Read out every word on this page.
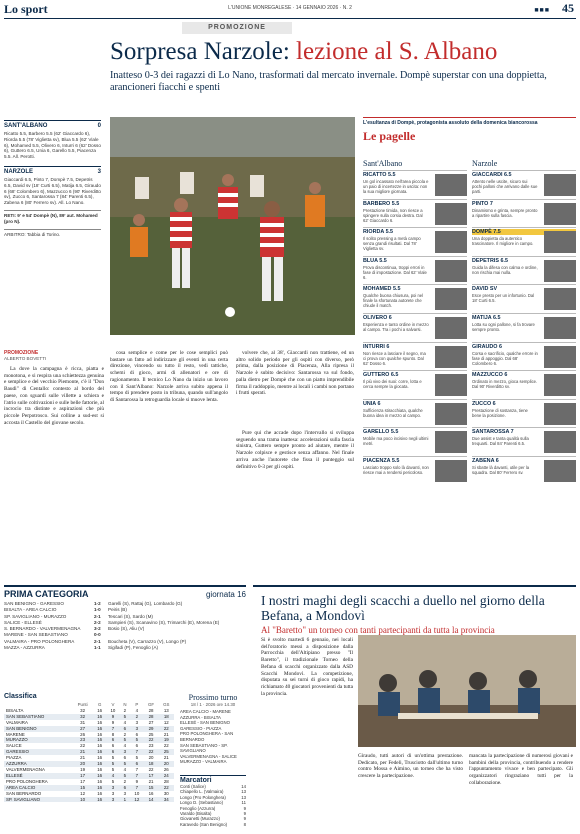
Lo sport	L'UNIONE MONREGALESE · 14 GENNAIO 2026 · N. 2	■■■ 45
PROMOZIONE
Sorpresa Narzole: lezione al S. Albano
Inatteso 0-3 dei ragazzi di Lo Nano, trasformati dal mercato invernale. Dompè superstar con una doppietta, arancioneri fiacchi e spenti
SANT'ALBANO	0
Ricatto 5.5, Barbero 5.5 (62' Giaccardo 6), Riorda 5.5 (78' Viglietta sv), Blua 5.5 (62' Viale 6), Mohamed 5.5, Olivero 6, Inturri 6 (62' Dosso 6), Guttero 6.5, Unia 6, Garello 5.5, Piacenza 5.5. All. Perotti.
NARZOLE	3
Giaccardi 6.5, Pinto 7, Dompè 7.5, Depetris 6.5, David sv (18' Curti 6.5), Matija 6.5, Giraudo 6 (68' Colombero 6), Mazzucco 6 (90' Riverditto sv), Zucco 6, Santarossa 7 (84' Parenti 6.5), Zabena 6 (80' Ferrero sv). All. Lo Nano.
RETI: 9' e 54' Dompè (N), 89' aut. Mohamed (pro N).
ARBITRO: Tabbia di Torino.
PROMOZIONE
ALBERTO BOVETTI

La dove la campagna è ricca, piatta e monotona, e si respira una schiettezza genuina e semplice e del vecchio Piemonte, c'è il "Don Baudi" di Centallo: contesto al bordo del paese, con sguardi sulle villette a schiera e l'atrio sulle coltivazioni e sulle belle fattorie, al incrocio tra distinte e aspirazioni che più piccole Perpotrosco. Sui colline a sud-est si accosta il Castello del giovane secolo.

cosa semplice e come per le cose semplici può bastare un fatto ad indirizzare gli eventi in una certa direzione, vincendo su tutto il resto, vedi tattiche, schemi di gioco, armi di allenatori e ore di ragionamento. Il tecnico Lo Nano da inizio un lavoro con il Sant'Albano: Narzole arriva subito appena il tempo di prendere posto in tribuna, quando sull'angolo di Santarossa la retroguardia locale si muove lenta.

volvere che, al 38', Giaccardi non trattiene, ed un altro solido periodo per gli ospiti con diverso, però prima, dalla posizione di Piacenza, Alla ripresa il Narzole è subito decisivo: Santarossa va sul fondo, palla dietro per Dompè che con un piatto imprendibile firma il raddoppio, mentre ai locali i cambi non portano i frutti sperati.

Pure qui che accade dopo l'intervallo si sviluppa seguendo una trama inattesa: accelerazioni sulla fascia sinistra, Guttero sempre pronto ad aiutare, mentre il Narzole colpisce e gestisce senza affanno. Nel finale arriva anche l'autorete che fissa il punteggio sul definitivo 0-3 per gli ospiti.

L'esultanza di Dompè, protagonista assoluto della domenica biancorossa
Le pagelle
Sant'Albano
RICATTO 5.5
Un gol incassato nell'area piccola e un paio di incertezze in uscita: non la sua migliore giornata.
BARBERO 5.5
Prestazione timida, non riesce a spingere sulla corsia destra. Dal 62' Giaccardo 6.
RIORDA 5.5
Il solito pressing a metà campo senza grandi risultati. Dal 78' Viglietta sv.
BLUA 5.5
Prova discontinua, troppi errori in fase di impostazione. Dal 62' Viale 6.
MOHAMED 5.5
Qualche buona chiusura, poi nel finale la sfortunata autorete che chiude il match.
OLIVERO 6
Esperienza e tanto ordine in mezzo al campo. Tra i pochi a salvarsi.
INTURRI 6
Non riesce a lasciare il segno, ma ci prova con qualche spunto. Dal 62' Dosso 6.
GUTTERO 6.5
Il più vivo dei suoi: corre, lotta e cerca sempre la giocata.
UNIA 6
Sufficienza stiracchiata, qualche buona idea in mezzo al campo.
GARELLO 5.5
Mobile ma poco incisivo negli ultimi metri.
PIACENZA 5.5
Lasciato troppo solo là davanti, non riesce mai a rendersi pericoloso.
Narzole
GIACCARDI 6.5
Attento nelle uscite, sicuro sui pochi palloni che arrivano dalle sue parti.
PINTO 7
Dinamismo e grinta, sempre pronto a ripartire sulla fascia.
DOMPÈ 7.5
Una doppietta da autentico trascinatore. Il migliore in campo.
DEPETRIS 6.5
Guida la difesa con calma e ordine, non rischia mai nulla.
DAVID SV
Esce presto per un infortunio. Dal 18' Curti 6.5.
MATIJA 6.5
Lotta su ogni pallone, si fa trovare sempre pronto.
GIRAUDO 6
Corsa e sacrificio, qualche errore in fase di appoggio. Dal 68' Colombero 6.
MAZZUCCO 6
Ordinato in mezzo, gioca semplice. Dal 90' Riverditto sv.
ZUCCO 6
Prestazione di sostanza, tiene bene la posizione.
SANTAROSSA 7
Due assist e tanta qualità sulla trequarti. Dal 84' Parenti 6.5.
ZABENA 6
Si sbatte là davanti, utile per la squadra. Dal 80' Ferrero sv.
PRIMA CATEGORIA	giornata 16
SAN BENIGNO - GARESSIO	1-2	Garelli (S), Rattaj (G), Lombardo (G)
BISALTA - AREA CALCIO	1-0	Peiris (B)
SP. SAVIGLIANO - MURAZZO	2-1	Tescari (S), Sardo (M)
SALICE - ELLESÉ	2-2	Sampieri (S), Scanavino (S), Trimarchi (E), Morena (E)
S. BERNARDO - VALVERMENAGNA	3-2	Bosio (S), Aliu (V)
MARENE - SAN SEBASTIANO	0-0
VALMAIRA - PRO POLONGHERA	2-1	Boucheta (V), Carrazzo (V), Longo (P)
MAZZA - AZZURRA	1-1	Sigifadi (P), Fenoglio (A)
Classifica
	Punti	G	V	N	P	GF	GS
BISALTA	32	16	10	2	4	28	13
SAN SEBASTIANO	32	16	9	5	2	28	18
VALMAIRA	31	16	9	4	3	27	12
SAN BENIGNO	27	16	7	6	3	29	22
MARENE	26	16	8	2	6	25	21
MURAZZO	23	16	6	5	5	22	19
SALICE	22	16	6	4	6	23	22
GARESSIO	21	16	6	3	7	22	25
PIAZZA	21	16	5	6	5	20	21
AZZURRA	20	16	5	5	6	18	20
VALVERMENAGNA	19	16	5	4	7	22	26
ELLESÉ	17	16	4	5	7	17	24
PRO POLONGHERA	17	16	5	2	9	21	28
AREA CALCIO	15	16	3	6	7	15	22
SAN BERNARDO	12	16	3	3	10	16	30
SP. SAVIGLIANO	10	16	3	1	12	14	34
Prossimo turno
18 / 1 · 2026 ore 14.30
AREA CALCIO - MARENE
AZZURRA - BISALTA
ELLESÉ - SAN BENIGNO
GARESSIO - PIAZZA
PRO POLONGHERA - SAN BERNARDO
SAN SEBASTIANO - SP. SAVIGLIANO
VALVERMENAGNA - SALICE
MURAZZO - VALMAIRA
Marcatori
Conti (Salice)	14
Chiapello L. (Valmaira)	13
Longo (Pro Polonghera)	13
Longo D. (Sebastiano)	11
Fenoglio (Azzurra)	9
Varaldo (Bisalta)	9
Giovanetti (Murazzo)	9
Karavedo (San Benigno)	8
I nostri maghi degli scacchi a duello nel giorno della Befana, a Mondovì
Al "Baretto" un torneo con tanti partecipanti da tutta la provincia
Si è svolto martedì 6 gennaio, nei locali dell'oratorio messi a disposizione dalla Parrocchia dell'Altipiano presso "Il Baretto", il tradizionale Torneo della Befana di scacchi organizzato dalla ASD Scacchi Mondovì. La competizione, disputata su sei turni di gioco rapidi, ha richiamato 40 giocatori provenienti da tutta la provincia.
Giraudo, tutti autori di un'ottima prestazione. Dedicato, per Fedeli, Trusciotto dall'ultimo turno contro Mossa e Aimino, un torneo che ha visto crescere la partecipazione.
mancata la partecipazione di numerosi giovani e bambini della provincia, contribuendo a rendere l'appuntamento vivace e ben partecipato. Gli organizzatori ringraziano tutti per la collaborazione.
